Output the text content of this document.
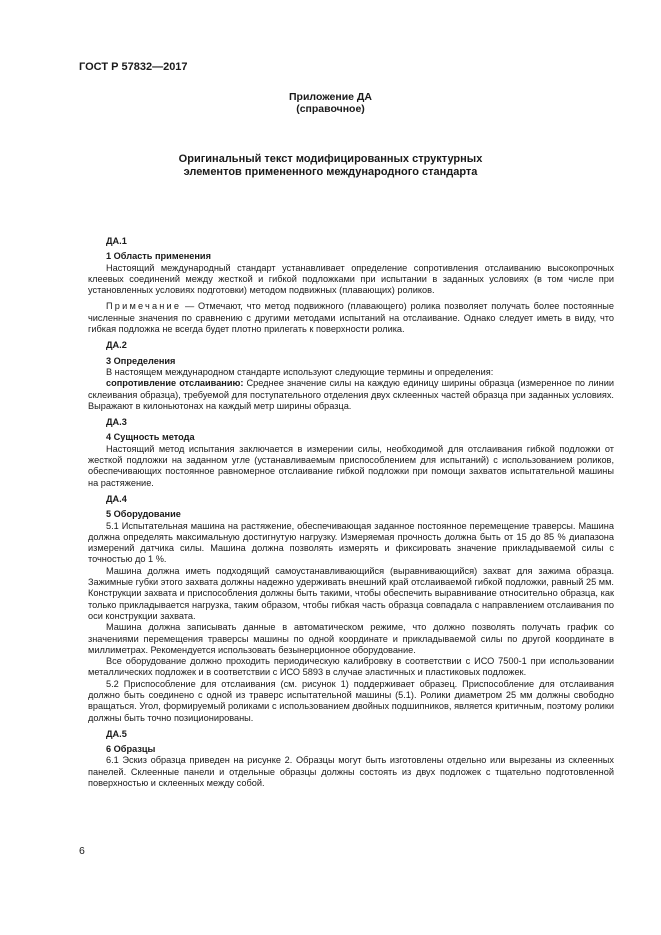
ГОСТ Р 57832—2017
Приложение ДА
(справочное)
Оригинальный текст модифицированных структурных
элементов примененного международного стандарта
ДА.1
1 Область применения

Настоящий международный стандарт устанавливает определение сопротивления отслаиванию высокопрочных клеевых соединений между жесткой и гибкой подложками при испытании в заданных условиях (в том числе при установленных условиях подготовки) методом подвижных (плавающих) роликов.

Примечание — Отмечают, что метод подвижного (плавающего) ролика позволяет получать более постоянные численные значения по сравнению с другими методами испытаний на отслаивание. Однако следует иметь в виду, что гибкая подложка не всегда будет плотно прилегать к поверхности ролика.

ДА.2
3 Определения

В настоящем международном стандарте используют следующие термины и определения:

сопротивление отслаиванию: Среднее значение силы на каждую единицу ширины образца (измеренное по линии склеивания образца), требуемой для поступательного отделения двух склеенных частей образца при заданных условиях. Выражают в килоньютонах на каждый метр ширины образца.

ДА.3
4 Сущность метода

Настоящий метод испытания заключается в измерении силы, необходимой для отслаивания гибкой подложки от жесткой подложки на заданном угле (устанавливаемым приспособлением для испытаний) с использованием роликов, обеспечивающих постоянное равномерное отслаивание гибкой подложки при помощи захватов испытательной машины на растяжение.

ДА.4
5 Оборудование

5.1 Испытательная машина на растяжение, обеспечивающая заданное постоянное перемещение траверсы. Машина должна определять максимальную достигнутую нагрузку. Измеряемая прочность должна быть от 15 до 85 % диапазона измерений датчика силы. Машина должна позволять измерять и фиксировать значение прикладываемой силы с точностью до 1 %.

Машина должна иметь подходящий самоустанавливающийся (выравнивающийся) захват для зажима образца. Зажимные губки этого захвата должны надежно удерживать внешний край отслаиваемой гибкой подложки, равный 25 мм. Конструкции захвата и приспособления должны быть такими, чтобы обеспечить выравнивание относительно образца, как только прикладывается нагрузка, таким образом, чтобы гибкая часть образца совпадала с направлением отслаивания по оси конструкции захвата.

Машина должна записывать данные в автоматическом режиме, что должно позволять получать график со значениями перемещения траверсы машины по одной координате и прикладываемой силы по другой координате в миллиметрах. Рекомендуется использовать безынерционное оборудование.

Все оборудование должно проходить периодическую калибровку в соответствии с ИСО 7500-1 при использовании металлических подложек и в соответствии с ИСО 5893 в случае эластичных и пластиковых подложек.

5.2 Приспособление для отслаивания (см. рисунок 1) поддерживает образец. Приспособление для отслаивания должно быть соединено с одной из траверс испытательной машины (5.1). Ролики диаметром 25 мм должны свободно вращаться. Угол, формируемый роликами с использованием двойных подшипников, является критичным, поэтому ролики должны быть точно позиционированы.

ДА.5
6 Образцы

6.1 Эскиз образца приведен на рисунке 2. Образцы могут быть изготовлены отдельно или вырезаны из склеенных панелей. Склеенные панели и отдельные образцы должны состоять из двух подложек с тщательно подготовленной поверхностью и склеенных между собой.

6
